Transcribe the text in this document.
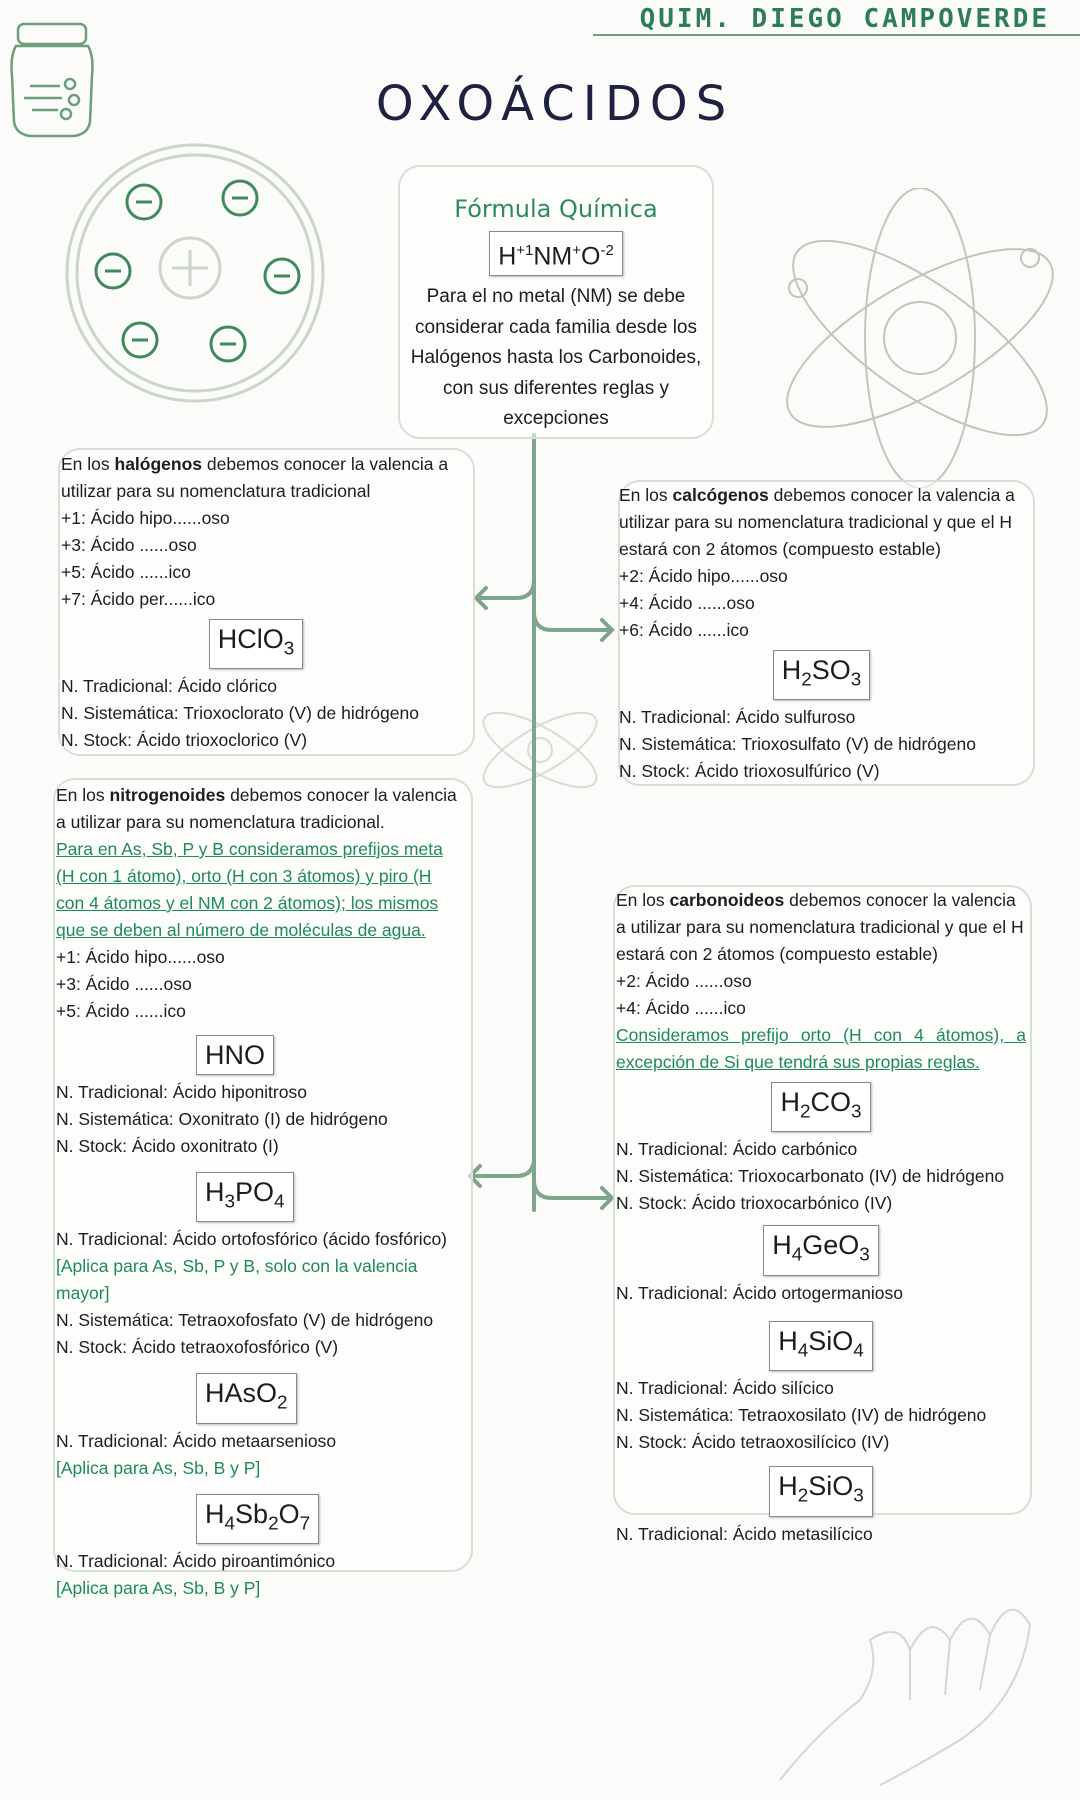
QUIM. DIEGO CAMPOVERDE
OXOÁCIDOS
Fórmula Química
$H^{+1}NM^+O^{-2}$
Para el no metal (NM) se debe considerar cada familia desde los Halógenos hasta los Carbonoides, con sus diferentes reglas y excepciones

En los halógenos debemos conocer la valencia a utilizar para su nomenclatura tradicional

+1: Ácido hipo......oso

+3: Ácido ......oso

+5: Ácido ......ico

+7: Ácido per......ico

HClO$_3$

N. Tradicional: Ácido clórico

N. Sistemática: Trioxoclorato (V) de hidrógeno

N. Stock: Ácido trioxoclorico (V)

En los calcógenos debemos conocer la valencia a utilizar para su nomenclatura tradicional y que el H estará con 2 átomos (compuesto estable)

+2: Ácido hipo......oso

+4: Ácido ......oso

+6: Ácido ......ico

$H_2SO_3$

N. Tradicional: Ácido sulfuroso

N. Sistemática: Trioxosulfato (V) de hidrógeno

N. Stock: Ácido trioxosulfúrico (V)

En los nitrogenoides debemos conocer la valencia a utilizar para su nomenclatura tradicional.

Para en As, Sb, P y B consideramos prefijos meta (H con 1 átomo), orto (H con 3 átomos) y piro (H con 4 átomos y el NM con 2 átomos); los mismos que se deben al número de moléculas de agua.

+1: Ácido hipo......oso

+3: Ácido ......oso

+5: Ácido ......ico

HNO

N. Tradicional: Ácido hiponitroso

N. Sistemática: Oxonitrato (I) de hidrógeno

N. Stock: Ácido oxonitrato (I)

$H_3PO_4$

N. Tradicional: Ácido ortofosfórico (ácido fosfórico)

[Aplica para As, Sb, P y B, solo con la valencia mayor]

N. Sistemática: Tetraoxofosfato (V) de hidrógeno

N. Stock: Ácido tetraoxofosfórico (V)

HAsO$_2$

N. Tradicional: Ácido metaarsenioso

[Aplica para As, Sb, B y P]

$H_4Sb_2O_7$

N. Tradicional: Ácido piroantimónico

[Aplica para As, Sb, B y P]

En los carbonoideos debemos conocer la valencia a utilizar para su nomenclatura tradicional y que el H estará con 2 átomos (compuesto estable)

+2: Ácido ......oso

+4: Ácido ......ico

Consideramos prefijo orto (H con 4 átomos), a excepción de Si que tendrá sus propias reglas.

$H_2CO_3$

N. Tradicional: Ácido carbónico

N. Sistemática: Trioxocarbonato (IV) de hidrógeno

N. Stock: Ácido trioxocarbónico (IV)

$H_4GeO_3$

N. Tradicional: Ácido ortogermanioso

$H_4SiO_4$

N. Tradicional: Ácido silícico

N. Sistemática: Tetraoxosilato (IV) de hidrógeno

N. Stock: Ácido tetraoxosilícico (IV)

$H_2SiO_3$

N. Tradicional: Ácido metasilícico
